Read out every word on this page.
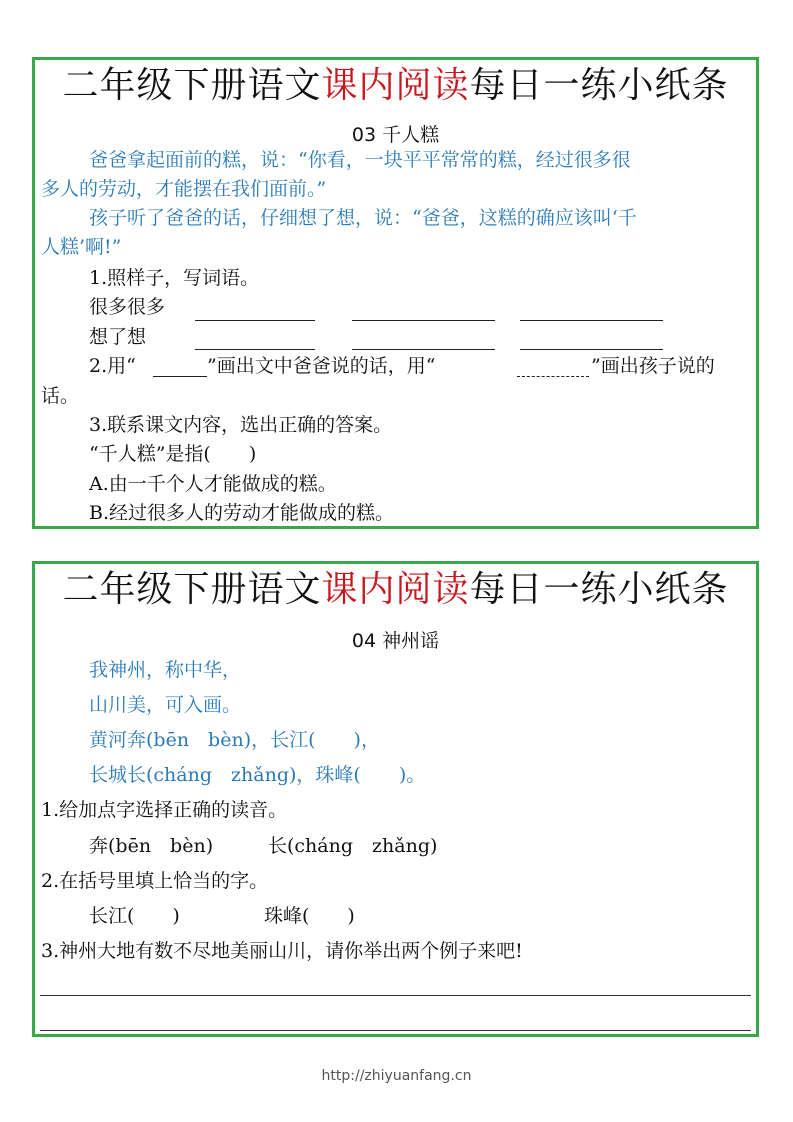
二年级下册语文课内阅读每日一练小纸条
03 千人糕
爸爸拿起面前的糕，说：“你看，一块平平常常的糕，经过很多很
多人的劳动，才能摆在我们面前。”
孩子听了爸爸的话，仔细想了想，说：“爸爸，这糕的确应该叫‘千
人糕’啊!”
1.照样子，写词语。
很多很多
想了想
2.用“	”画出文中爸爸说的话，用“	”画出孩子说的
话。
3.联系课文内容，选出正确的答案。
“千人糕”是指(　　)
A.由一千个人才能做成的糕。
B.经过很多人的劳动才能做成的糕。
二年级下册语文课内阅读每日一练小纸条
04 神州谣
我神州，称中华，
山川美，可入画。
黄河奔(bēn　bèn)，长江(　　)，
长城长(cháng　zhǎng)，珠峰(　　)。
1.给加点字选择正确的读音。
奔(bēn　bèn)	长(cháng　zhǎng)
2.在括号里填上恰当的字。
长江(　　)	珠峰(　　)
3.神州大地有数不尽地美丽山川，请你举出两个例子来吧!
http://zhiyuanfang.cn
